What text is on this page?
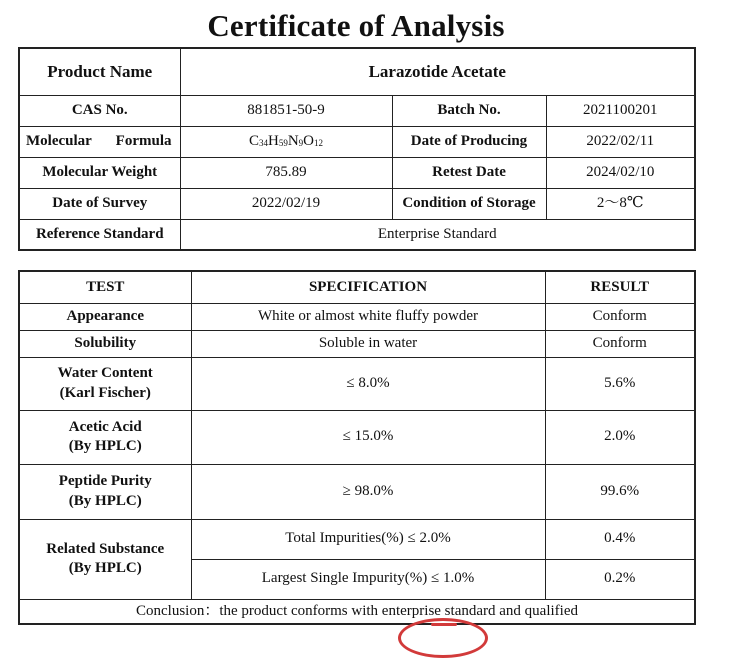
Certificate of Analysis
Product Name	Larazotide Acetate		
CAS No.	881851-50-9	Batch No.	2021100201

Molecular Formula	$C_{34}H_{59}N_9O_{12}$	Date of Producing	2022/02/11
Molecular Weight	785.89	Retest Date	2024/02/10
Date of Survey	2022/02/19	Condition of Storage	2～8℃
Reference Standard	Enterprise Standard		
TEST	SPECIFICATION	RESULT
Appearance	White or almost white fluffy powder	Conform
Solubility	Soluble in water	Conform

Water Content
(Karl Fischer)	≤ 8.0%	5.6%

Acetic Acid
(By HPLC)	≤ 15.0%	2.0%

Peptide Purity
(By HPLC)	≥ 98.0%	99.6%

Related Substance
(By HPLC)	Total Impurities(%) ≤ 2.0%	0.4%
	Largest Single Impurity(%) ≤ 1.0%	0.2%
Conclusion：the product conforms with enterprise standard and qualified		
